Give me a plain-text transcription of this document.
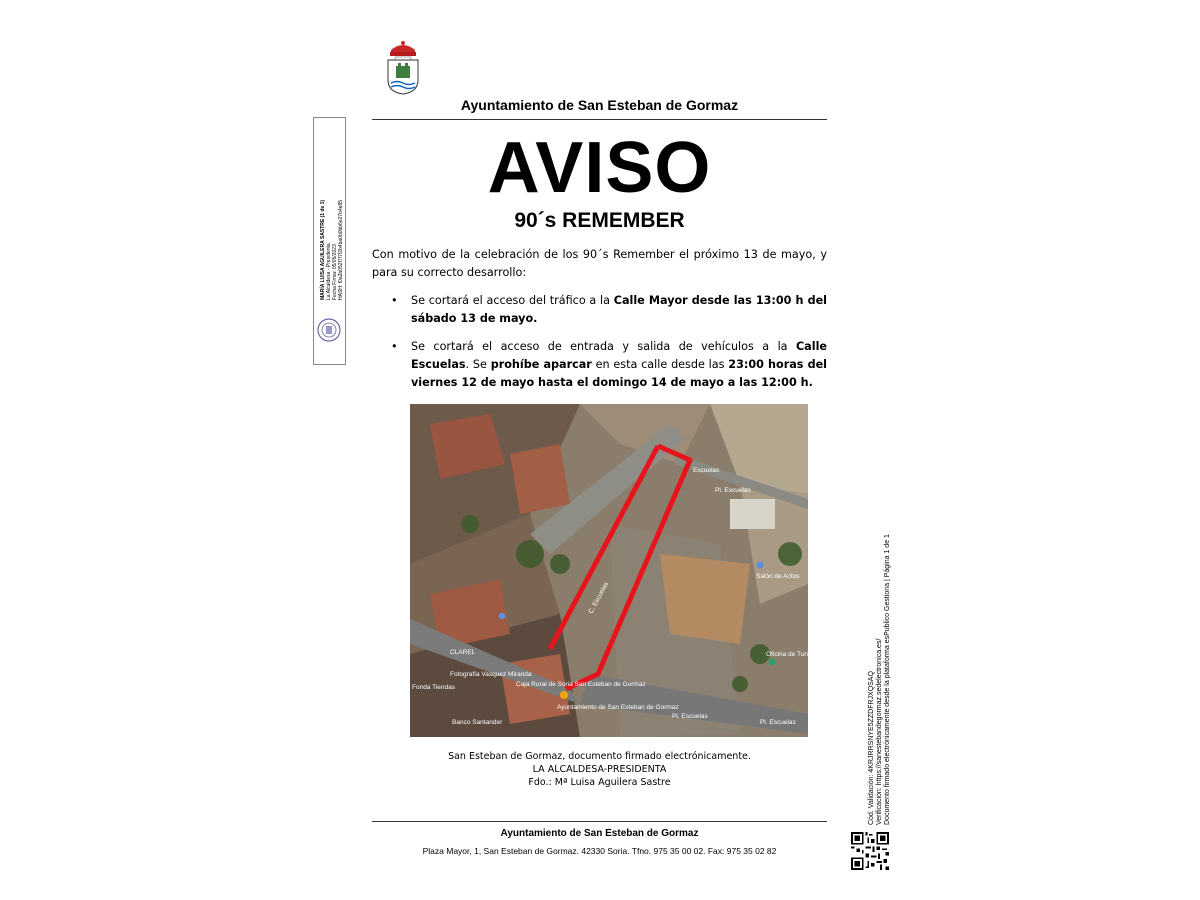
Ayuntamiento de San Esteban de Gormaz
AVISO
90´s REMEMBER
Con motivo de la celebración de los 90´s Remember el próximo 13 de mayo, y para su correcto desarrollo:
• Se cortará el acceso del tráfico a la Calle Mayor desde las 13:00 h del sábado 13 de mayo.
• Se cortará el acceso de entrada y salida de vehículos a la Calle Escuelas. Se prohíbe aparcar en esta calle desde las 23:00 horas del viernes 12 de mayo hasta el domingo 14 de mayo a las 12:00 h.
C. Escuelas
Pl. Escuelas
Pl. Escuelas
Pl. Escuelas
Escuelas
Salón de Actos
Oficina de Turismo
CLAREL
Fotografía Vasquez Miranda
Caja Rural de Soria San Esteban de Gormaz
Ayuntamiento de San Esteban de Gormaz
Fonda Tiendas
Banco Santander
San Esteban de Gormaz, documento firmado electrónicamente.
LA ALCALDESA-PRESIDENTA
Fdo.: Mª Luisa Aguilera Sastre
Ayuntamiento de San Esteban de Gormaz
Plaza Mayor, 1, San Esteban de Gormaz. 42330 Soria. Tfno. 975 35 00 02. Fax: 975 35 02 82
MARÍA LUISA AGUILERA SASTRE (1 de 1) La Alcaldesa - Presidenta Fecha Firma: 05/05/2023 HASH: f0a2b052f7f7f2b4ba0b0bb6e27b4e85
Cód. Validación: 4KRJRRSNYE5ZZDFRJXQSAQ Verificación: https://sanestebandegormaz.sedelectronica.es/ Documento firmado electrónicamente desde la plataforma esPublico Gestiona | Página 1 de 1
